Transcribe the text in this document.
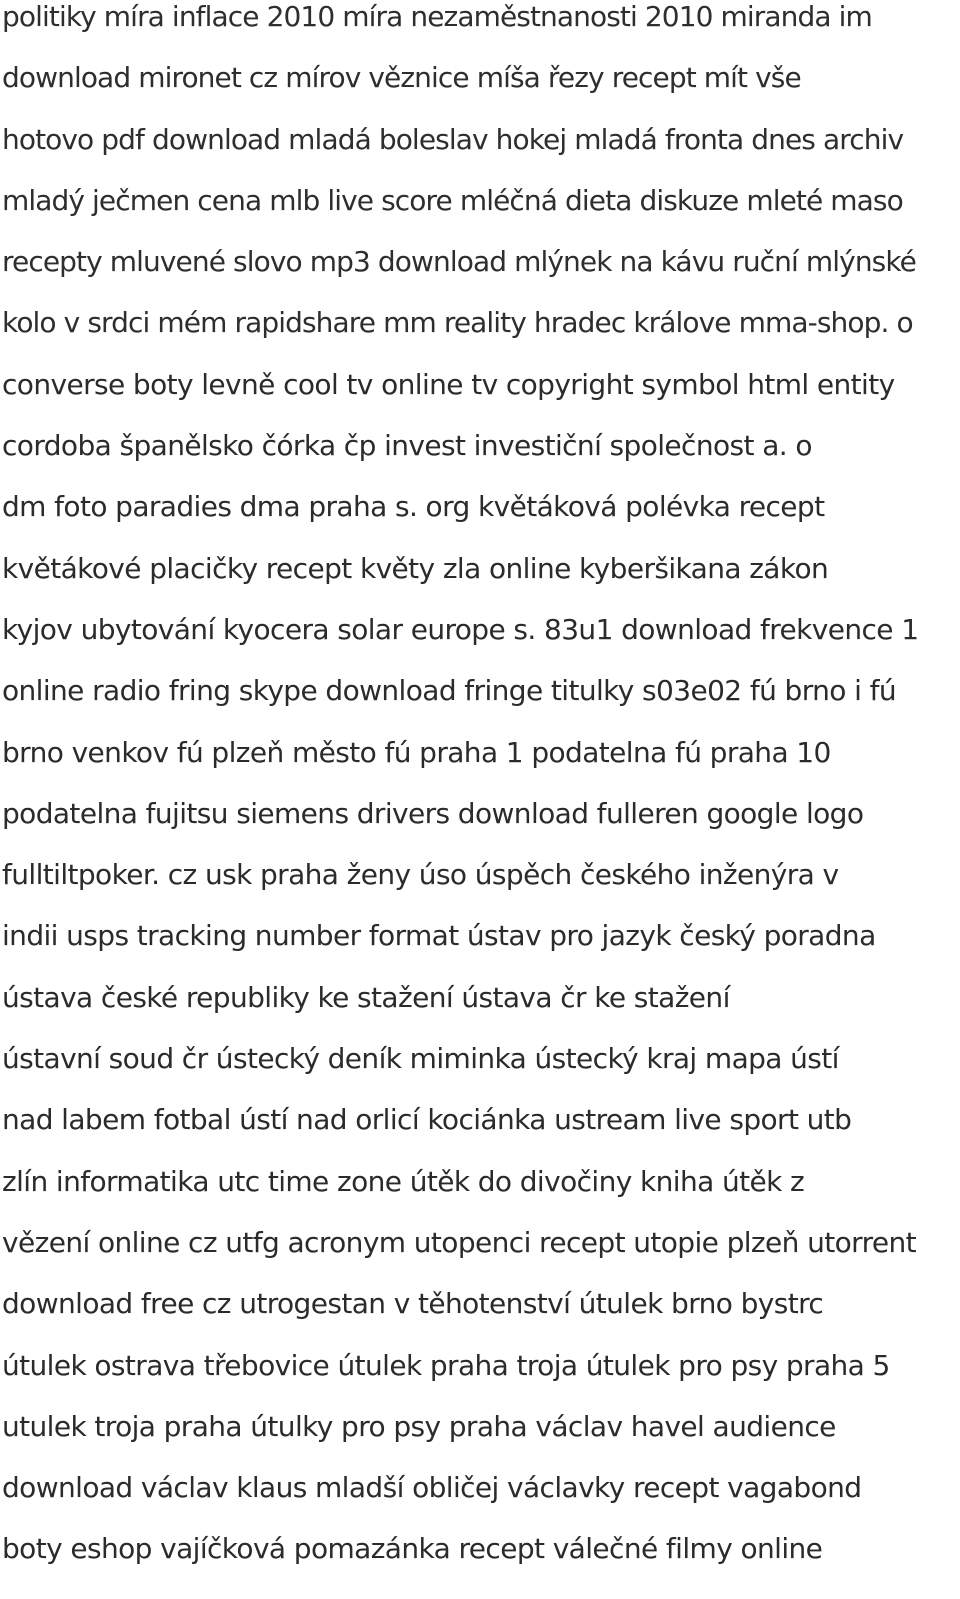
politiky míra inflace 2010 míra nezaměstnanosti 2010 miranda im
download mironet cz mírov věznice míša řezy recept mít vše
hotovo pdf download mladá boleslav hokej mladá fronta dnes archiv
mladý ječmen cena mlb live score mléčná dieta diskuze mleté maso
recepty mluvené slovo mp3 download mlýnek na kávu ruční mlýnské
kolo v srdci mém rapidshare mm reality hradec králove mma-shop. o
converse boty levně cool tv online tv copyright symbol html entity
cordoba španělsko čórka čp invest investiční společnost a. o
dm foto paradies dma praha s. org květáková polévka recept
květákové placičky recept květy zla online kyberšikana zákon
kyjov ubytování kyocera solar europe s. 83u1 download frekvence 1
online radio fring skype download fringe titulky s03e02 fú brno i fú
brno venkov fú plzeň město fú praha 1 podatelna fú praha 10
podatelna fujitsu siemens drivers download fulleren google logo
fulltiltpoker. cz usk praha ženy úso úspěch českého inženýra v
indii usps tracking number format ústav pro jazyk český poradna
ústava české republiky ke stažení ústava čr ke stažení
ústavní soud čr ústecký deník miminka ústecký kraj mapa ústí
nad labem fotbal ústí nad orlicí kociánka ustream live sport utb
zlín informatika utc time zone útěk do divočiny kniha útěk z
vězení online cz utfg acronym utopenci recept utopie plzeň utorrent
download free cz utrogestan v těhotenství útulek brno bystrc
útulek ostrava třebovice útulek praha troja útulek pro psy praha 5
utulek troja praha útulky pro psy praha václav havel audience
download václav klaus mladší obličej václavky recept vagabond
boty eshop vajíčková pomazánka recept válečné filmy online
